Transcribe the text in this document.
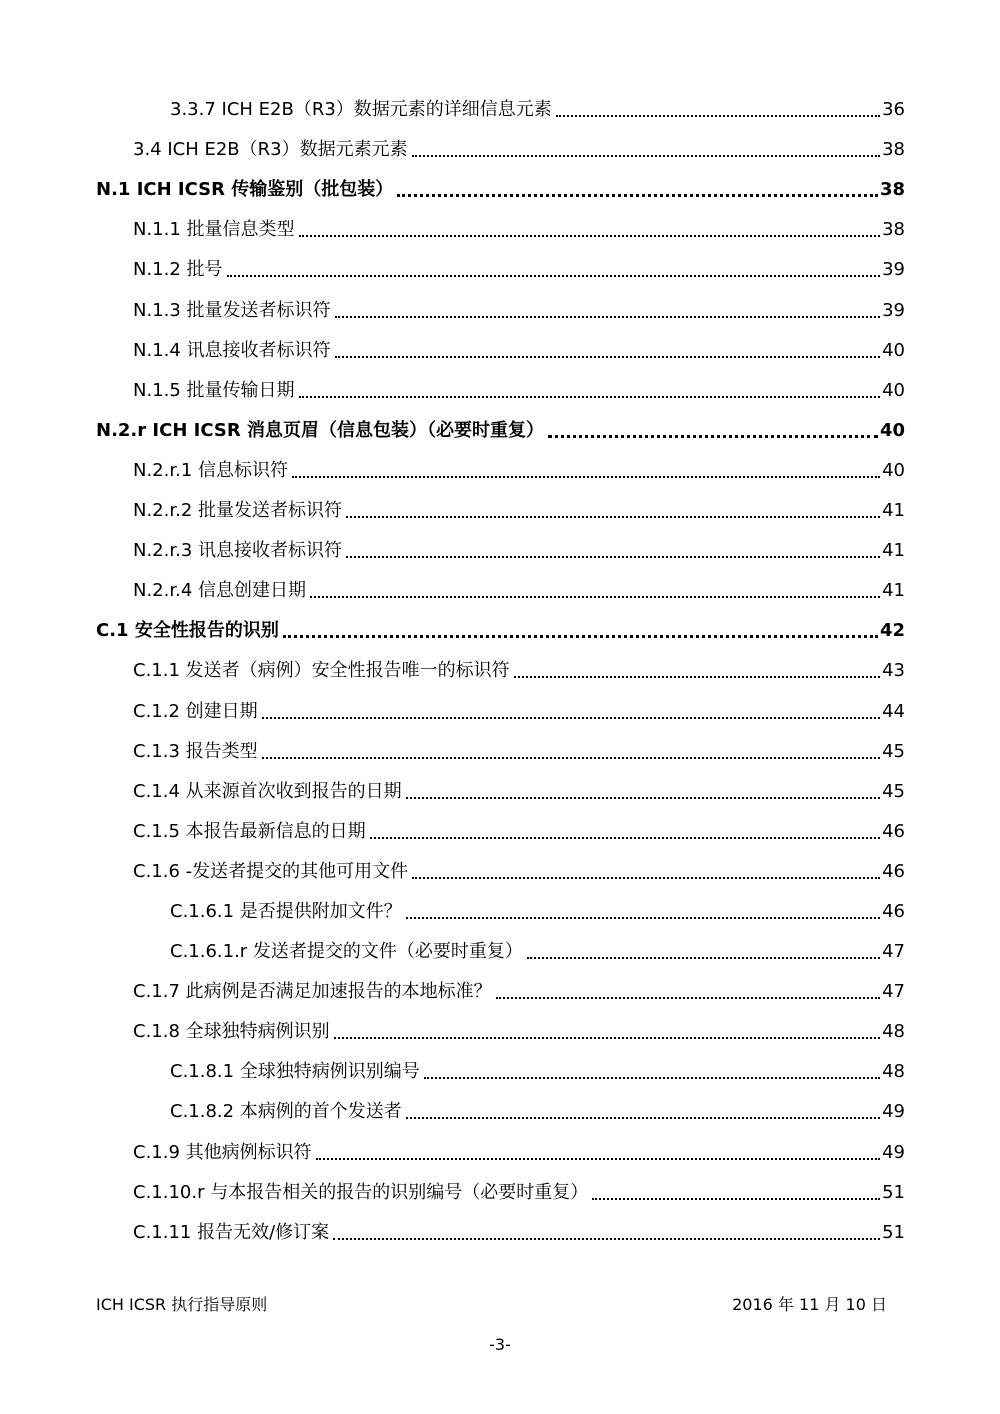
3.3.7 ICH E2B（R3）数据元素的详细信息元素	36
3.4 ICH E2B（R3）数据元素元素	38
N.1 ICH ICSR 传输鉴别（批包装）	38
N.1.1 批量信息类型	38
N.1.2 批号	39
N.1.3 批量发送者标识符	39
N.1.4 讯息接收者标识符	40
N.1.5 批量传输日期	40
N.2.r ICH ICSR 消息页眉（信息包装）（必要时重复）	40
N.2.r.1 信息标识符	40
N.2.r.2 批量发送者标识符	41
N.2.r.3 讯息接收者标识符	41
N.2.r.4 信息创建日期	41
C.1 安全性报告的识别	42
C.1.1 发送者（病例）安全性报告唯一的标识符	43
C.1.2 创建日期	44
C.1.3 报告类型	45
C.1.4 从来源首次收到报告的日期	45
C.1.5 本报告最新信息的日期	46
C.1.6 -发送者提交的其他可用文件	46
C.1.6.1 是否提供附加文件？	46
C.1.6.1.r 发送者提交的文件（必要时重复）	47
C.1.7 此病例是否满足加速报告的本地标准？	47
C.1.8 全球独特病例识别	48
C.1.8.1 全球独特病例识别编号	48
C.1.8.2 本病例的首个发送者	49
C.1.9 其他病例标识符	49
C.1.10.r 与本报告相关的报告的识别编号（必要时重复）	51
C.1.11 报告无效/修订案	51
ICH ICSR 执行指导原则	2016 年 11 月 10 日
-3-
